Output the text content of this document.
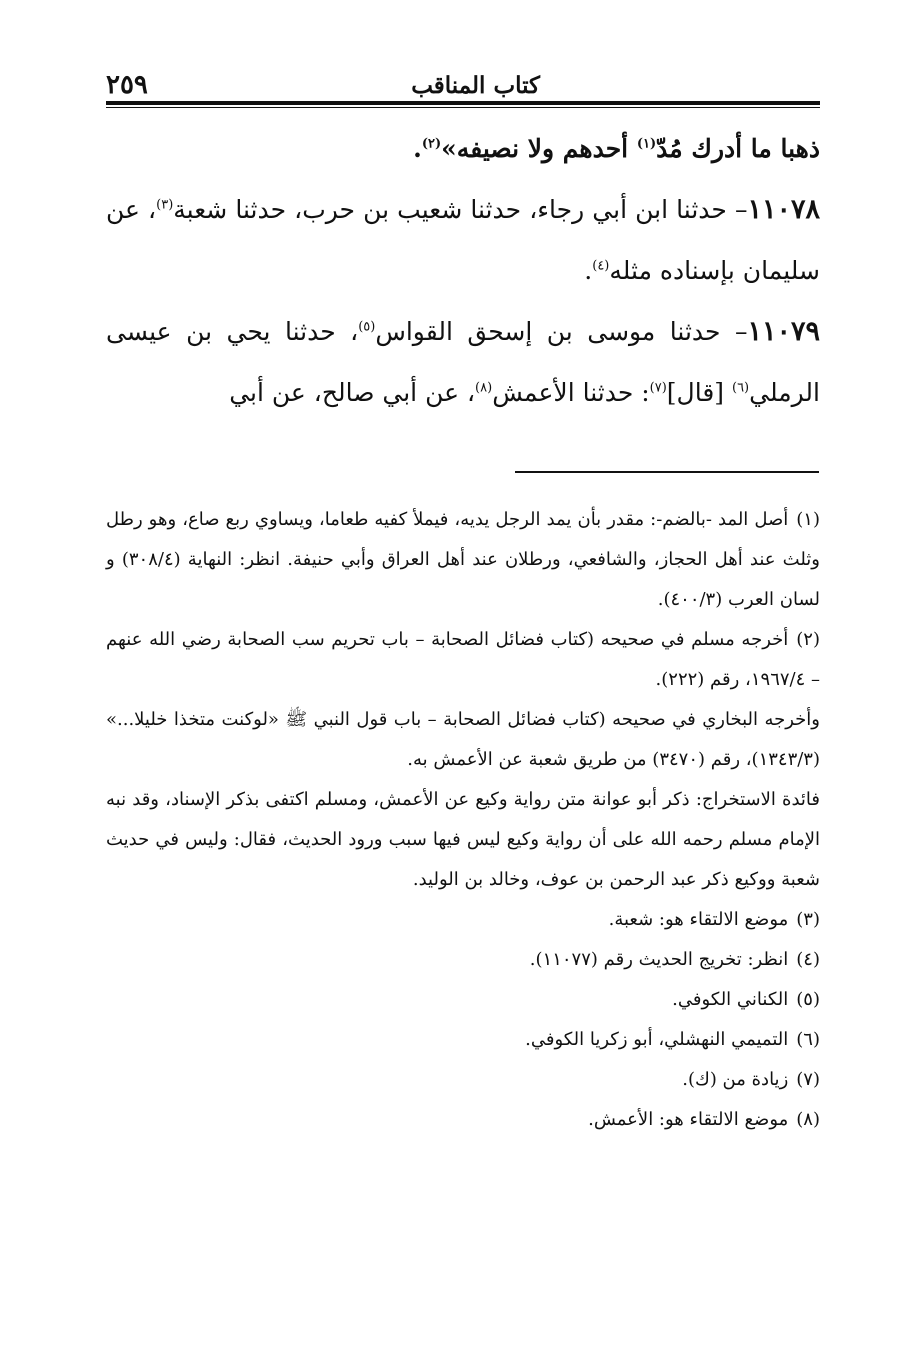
كتاب المناقب
٢٥٩

ذهبا ما أدرك مُدّ$^{(١)}$ أحدهم ولا نصيفه»$^{(٢)}$.

١١٠٧٨– حدثنا ابن أبي رجاء، حدثنا شعيب بن حرب، حدثنا شعبة$^{(٣)}$، عن سليمان بإسناده مثله$^{(٤)}$.

١١٠٧٩– حدثنا موسى بن إسحق القواس$^{(٥)}$، حدثنا يحي بن عيسى الرملي$^{(٦)}$ [قال]$^{(٧)}$: حدثنا الأعمش$^{(٨)}$، عن أبي صالح، عن أبي

(١)أصل المد -بالضم-: مقدر بأن يمد الرجل يديه، فيملأ كفيه طعاما، ويساوي ربع صاع، وهو رطل وثلث عند أهل الحجاز، والشافعي، ورطلان عند أهل العراق وأبي حنيفة. انظر: النهاية (٣٠٨/٤) و لسان العرب (٤٠٠/٣).

(٢)أخرجه مسلم في صحيحه (كتاب فضائل الصحابة – باب تحريم سب الصحابة رضي الله عنهم – ١٩٦٧/٤، رقم (٢٢٢).

وأخرجه البخاري في صحيحه (كتاب فضائل الصحابة – باب قول النبي ﷺ «لوكنت متخذا خليلا...» (١٣٤٣/٣)، رقم (٣٤٧٠) من طريق شعبة عن الأعمش به.

فائدة الاستخراج: ذكر أبو عوانة متن رواية وكيع عن الأعمش، ومسلم اكتفى بذكر الإسناد، وقد نبه الإمام مسلم رحمه الله على أن رواية وكيع ليس فيها سبب ورود الحديث، فقال: وليس في حديث شعبة ووكيع ذكر عبد الرحمن بن عوف، وخالد بن الوليد.

(٣)موضع الالتقاء هو: شعبة.

(٤)انظر: تخريج الحديث رقم (١١٠٧٧).

(٥)الكناني الكوفي.

(٦)التميمي النهشلي، أبو زكريا الكوفي.

(٧)زيادة من (ك).

(٨)موضع الالتقاء هو: الأعمش.
